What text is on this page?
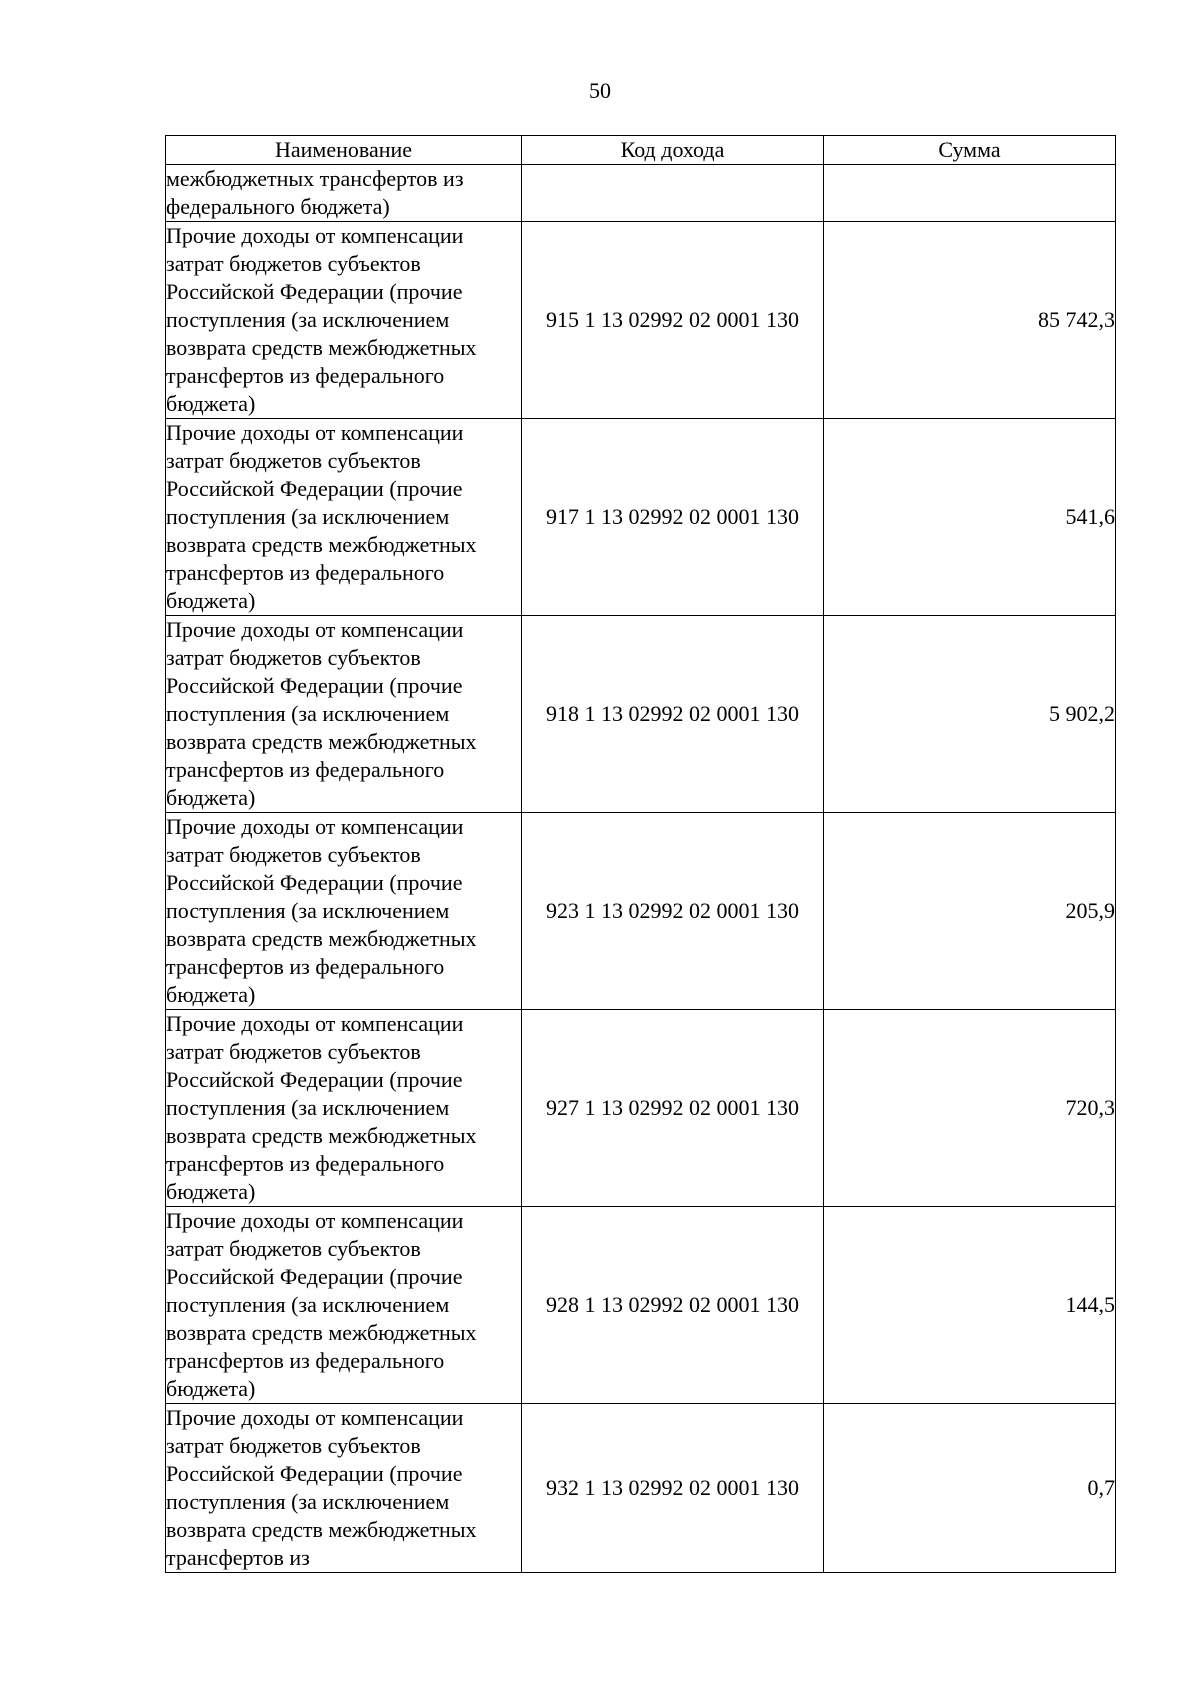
50
Наименование	Код дохода	Сумма
межбюджетных трансфертов из федерального бюджета)		
Прочие доходы от компенсации затрат бюджетов субъектов Российской Федерации (прочие поступления (за исключением возврата средств межбюджетных трансфертов из федерального бюджета)	915 1 13 02992 02 0001 130	85 742,3
Прочие доходы от компенсации затрат бюджетов субъектов Российской Федерации (прочие поступления (за исключением возврата средств межбюджетных трансфертов из федерального бюджета)	917 1 13 02992 02 0001 130	541,6
Прочие доходы от компенсации затрат бюджетов субъектов Российской Федерации (прочие поступления (за исключением возврата средств межбюджетных трансфертов из федерального бюджета)	918 1 13 02992 02 0001 130	5 902,2
Прочие доходы от компенсации затрат бюджетов субъектов Российской Федерации (прочие поступления (за исключением возврата средств межбюджетных трансфертов из федерального бюджета)	923 1 13 02992 02 0001 130	205,9
Прочие доходы от компенсации затрат бюджетов субъектов Российской Федерации (прочие поступления (за исключением возврата средств межбюджетных трансфертов из федерального бюджета)	927 1 13 02992 02 0001 130	720,3
Прочие доходы от компенсации затрат бюджетов субъектов Российской Федерации (прочие поступления (за исключением возврата средств межбюджетных трансфертов из федерального бюджета)	928 1 13 02992 02 0001 130	144,5
Прочие доходы от компенсации затрат бюджетов субъектов Российской Федерации (прочие поступления (за исключением возврата средств межбюджетных трансфертов из	932 1 13 02992 02 0001 130	0,7
